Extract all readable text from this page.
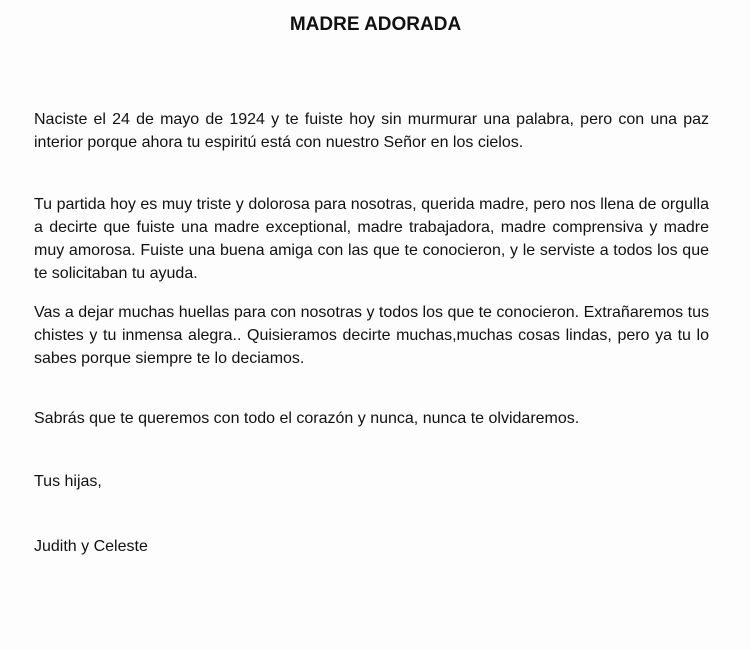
MADRE ADORADA
Naciste el 24 de mayo de 1924 y te fuiste hoy sin murmurar una palabra, pero con una paz interior porque ahora tu espiritú está con nuestro Señor en los cielos.
Tu partida hoy es muy triste y dolorosa para nosotras, querida madre, pero nos llena de orgulla a decirte que fuiste una madre exceptional, madre trabajadora, madre comprensiva y madre muy amorosa. Fuiste una buena amiga con las que te conocieron, y le serviste a todos los que te solicitaban tu ayuda.
Vas a dejar muchas huellas para con nosotras y todos los que te conocieron. Extrañaremos tus chistes y tu inmensa alegra.. Quisieramos decirte muchas,muchas cosas lindas, pero ya tu lo sabes porque siempre te lo deciamos.
Sabrás que te queremos con todo el corazón y nunca, nunca te olvidaremos.
Tus hijas,
Judith y Celeste
